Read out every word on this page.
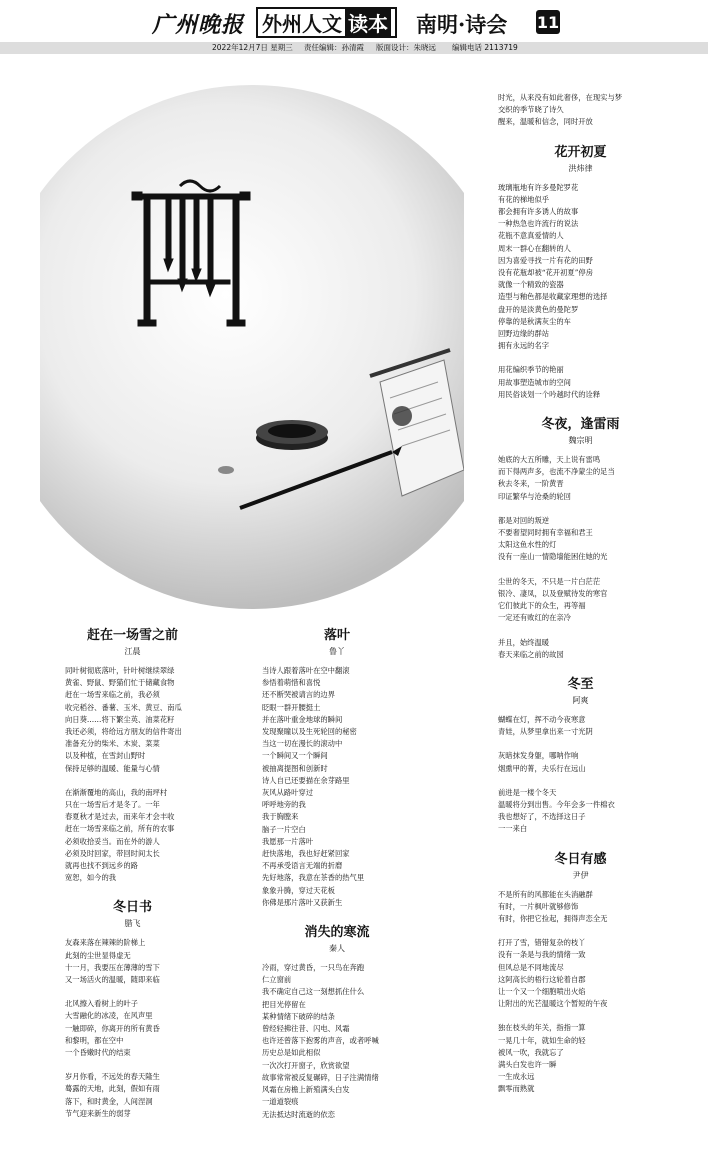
广州晚报 外州人文 读本 南明·诗会 11
2022年12月7日 星期三 责任编辑：孙清霞 版面设计：朱晓远 编辑电话 2113719
赶在一场雪之前
江晨
同叶树彻底落叶，针叶树继续翠绿
黄雀、野鼠、野猫们忙于储藏食物
赶在一场雪来临之前，我必须
收完稻谷、番薯、玉米、黄豆、南瓜
向日葵……将下繁尘英、油菜花籽
我还必须，将给远方朋友的信件寄出
准备充分的柴米、木炭、菜菜
以及种植，在雪封山野时
保持足够的温暖、能量与心情
在渐渐覆地的高山，我的南坪村
只在一场雪后才是冬了。一年
春夏秋才是过去，而来年才会丰收
赶在一场雪来临之前，所有的农事
必须收拾妥当。而在外的游人
必须及时回家，带回时间太长
就再也找不到远乡的路
宽恕，如今的我
冬日书
腊飞
友森来落在辣辣的阶梯上
此刻的尘世显得虚无
十一月，我要压在薄薄的雪下
又一场活火的温暖，随即来临
北风擦入看树上的叶子
大雪融化的冰凌，在风声里
一触即碎，你离开的所有黄昏
和黎明，都在空中
一个昏嫩时代的结束
岁月你看，不远处的春天隆生
蓦露的天地，此刻，假如有雨
落下，和时黄金，人间涅洞
节气迎来新生的弱芽
落叶
鲁丫
当诗人跟着落叶在空中翻滚
参悟着萌惜和喜悦
还不断哭被请言的边界
眨眼一群开腰挺土
并在落叶重金地球的瞬间
发现聚瞳以及生死轮回的秘密
当这一切在漫长的滚动中
一个瞬间又一个瞬间
被抽离提图和创新时
诗人自已还要描在余芽路里
灰风从路叶穿过
呼呼地旁的我
我于胸膛来
脑子一片空白
我愿那一片落叶
赶快落地，我也好赶紧回家
不再承受语言无端的折磨
先好地落，我意在茶香的热气里
象象升腾，穿过天花板
你佛是那片落叶又获新生
消失的寒流
秦人
冷雨，穿过黄昏，一只鸟在奔跑
仁立窗前
我不确定自己这一刻想抓住什么
把目光停留在
某种情绪下破碎的结条
曾经轻拂往昔、闪电、风霜
也许还曾落下抱雾的声音，或者呼喊
历史总是如此相似
一次次打开窗子，欣赏欲望
故事常常被反复碾碎，日子注满情绪
风霜在房檐上新殖满头白发
一道道裂痕
无法抵达时流逝的依恋
时光，从来没有如此奢侈，在现实与梦
交织的季节晓了诗久
醒来，温暖和信念，同时开放
花开初夏
洪炜律
玻璃瓶地有许多曼陀罗花
有花的梯地似乎
都会拥有许多诱人的故事
一种热急也许流行的说法
花瓶不意真爱情的人
周末一群心在翻转的人
因为喜爱寻找一片有花的田野
没有花瓶却被“花开初夏”停房
就像一个精致的瓷器
造型与釉色都是收藏家理想的选择
盘开的是淡黄色的曼陀罗
停靠的是秋满灰尘的车
回野边缘的群站
拥有永远的名字
用花编织季节的艳丽
用故事塑造城市的空间
用民俗谈划一个吟越时代的诠释
冬夜，逢雷雨
魏宗明
她底的大五所雕，天上说有雷鸣
而下得两声多，也流不净蒙尘的足当
秋去冬来，一阶黄晋
印证繁华与沧桑的轮回
都是对回的叛逆
不要奢望同时拥有幸福和君王
太阳这鱼水性的灯
没有一座山一情隐墙能困住她的光
尘世的冬天，不只是一片白茫茫
银冷、凄凤，以及登赋待发的寒官
它们彼此下的众生，再等福
一定还有败红的在亲冷
并且，始终温暖
春天来临之前的故园
冬至
阿爽
蝴蝶在灯，挥不动今夜寒意
青娃，从梦里拿出来一寸光阴
灰暗抹发身躯，哪呐作响
烟熏甲的菁，夫乐行在远山
前进是一楼个冬天
温暖将分到出售。今年会多一件棉衣
我也想好了，不选择这日子
一一来白
冬日有感
尹伊
不是所有的风都能在头消融群
有时，一片枫叶就够修饰
有时，你把它捡起，拥得声恋全无
打开了雪，错错复杂的枝丫
没有一条是与我的情绪一致
但风总是不同地流尽
这阿高长的梧行这轮着自郡
让一个又一个细胞喷出火焰
让附出的光芒温暖这个暂短的午夜
独在枝头的年关，指指一算
一晃几十年，就如生命的轻
被风一吹，我就忘了
满头白发也许一瞬
一生成永远
飘零而熟就
